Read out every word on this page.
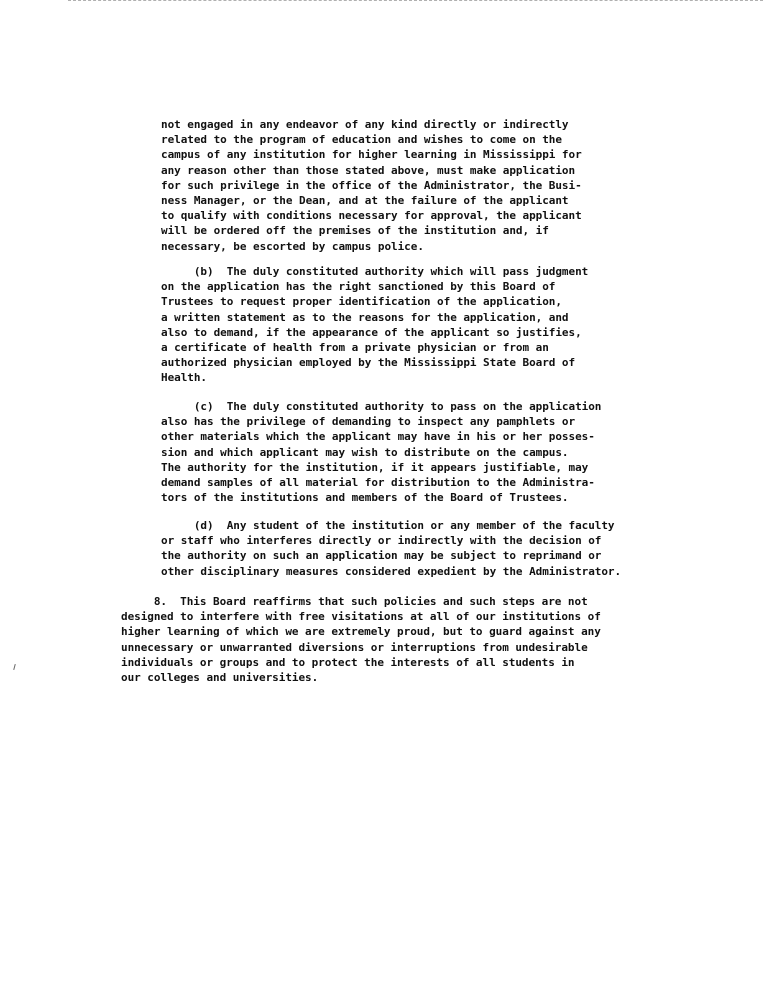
not engaged in any endeavor of any kind directly or indirectly
related to the program of education and wishes to come on the
campus of any institution for higher learning in Mississippi for
any reason other than those stated above, must make application
for such privilege in the office of the Administrator, the Busi-
ness Manager, or the Dean, and at the failure of the applicant
to qualify with conditions necessary for approval, the applicant
will be ordered off the premises of the institution and, if
necessary, be escorted by campus police.
(b)  The duly constituted authority which will pass judgment
on the application has the right sanctioned by this Board of
Trustees to request proper identification of the application,
a written statement as to the reasons for the application, and
also to demand, if the appearance of the applicant so justifies,
a certificate of health from a private physician or from an
authorized physician employed by the Mississippi State Board of
Health.
(c)  The duly constituted authority to pass on the application
also has the privilege of demanding to inspect any pamphlets or
other materials which the applicant may have in his or her posses-
sion and which applicant may wish to distribute on the campus.
The authority for the institution, if it appears justifiable, may
demand samples of all material for distribution to the Administra-
tors of the institutions and members of the Board of Trustees.
(d)  Any student of the institution or any member of the faculty
or staff who interferes directly or indirectly with the decision of
the authority on such an application may be subject to reprimand or
other disciplinary measures considered expedient by the Administrator.
8.  This Board reaffirms that such policies and such steps are not
designed to interfere with free visitations at all of our institutions of
higher learning of which we are extremely proud, but to guard against any
unnecessary or unwarranted diversions or interruptions from undesirable
individuals or groups and to protect the interests of all students in
our colleges and universities.
